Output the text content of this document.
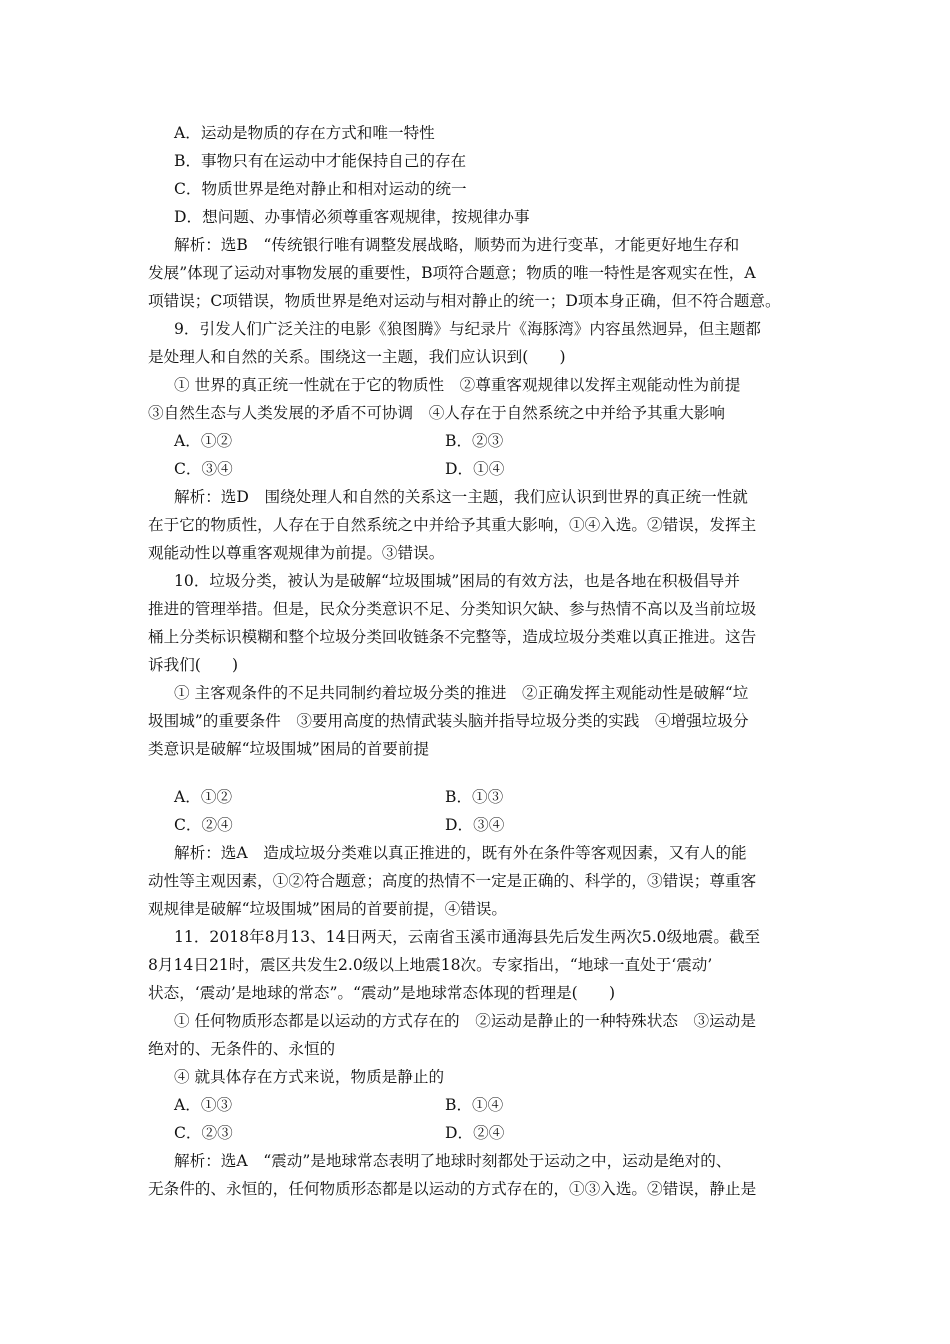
A．运动是物质的存在方式和唯一特性
B．事物只有在运动中才能保持自己的存在
C．物质世界是绝对静止和相对运动的统一
D．想问题、办事情必须尊重客观规律，按规律办事
解析：选B　“传统银行唯有调整发展战略，顺势而为进行变革，才能更好地生存和
发展”体现了运动对事物发展的重要性，B项符合题意；物质的唯一特性是客观实在性，A
项错误；C项错误，物质世界是绝对运动与相对静止的统一；D项本身正确，但不符合题意。
9．引发人们广泛关注的电影《狼图腾》与纪录片《海豚湾》内容虽然迥异，但主题都
是处理人和自然的关系。围绕这一主题，我们应认识到(　　)
① 世界的真正统一性就在于它的物质性　②尊重客观规律以发挥主观能动性为前提
③自然生态与人类发展的矛盾不可协调　④人存在于自然系统之中并给予其重大影响
A．①②	B．②③
C．③④	D．①④
解析：选D　围绕处理人和自然的关系这一主题，我们应认识到世界的真正统一性就
在于它的物质性，人存在于自然系统之中并给予其重大影响，①④入选。②错误，发挥主
观能动性以尊重客观规律为前提。③错误。
10．垃圾分类，被认为是破解“垃圾围城”困局的有效方法，也是各地在积极倡导并
推进的管理举措。但是，民众分类意识不足、分类知识欠缺、参与热情不高以及当前垃圾
桶上分类标识模糊和整个垃圾分类回收链条不完整等，造成垃圾分类难以真正推进。这告
诉我们(　　)
① 主客观条件的不足共同制约着垃圾分类的推进　②正确发挥主观能动性是破解“垃
圾围城”的重要条件　③要用高度的热情武装头脑并指导垃圾分类的实践　④增强垃圾分
类意识是破解“垃圾围城”困局的首要前提
A．①②	B．①③
C．②④	D．③④
解析：选A　造成垃圾分类难以真正推进的，既有外在条件等客观因素，又有人的能
动性等主观因素，①②符合题意；高度的热情不一定是正确的、科学的，③错误；尊重客
观规律是破解“垃圾围城”困局的首要前提，④错误。
11．2018年8月13、14日两天，云南省玉溪市通海县先后发生两次5.0级地震。截至
8月14日21时，震区共发生2.0级以上地震18次。专家指出，“地球一直处于‘震动’
状态，‘震动’是地球的常态”。“震动”是地球常态体现的哲理是(　　)
① 任何物质形态都是以运动的方式存在的　②运动是静止的一种特殊状态　③运动是
绝对的、无条件的、永恒的
④ 就具体存在方式来说，物质是静止的
A．①③	B．①④
C．②③	D．②④
解析：选A　“震动”是地球常态表明了地球时刻都处于运动之中，运动是绝对的、
无条件的、永恒的，任何物质形态都是以运动的方式存在的，①③入选。②错误，静止是
